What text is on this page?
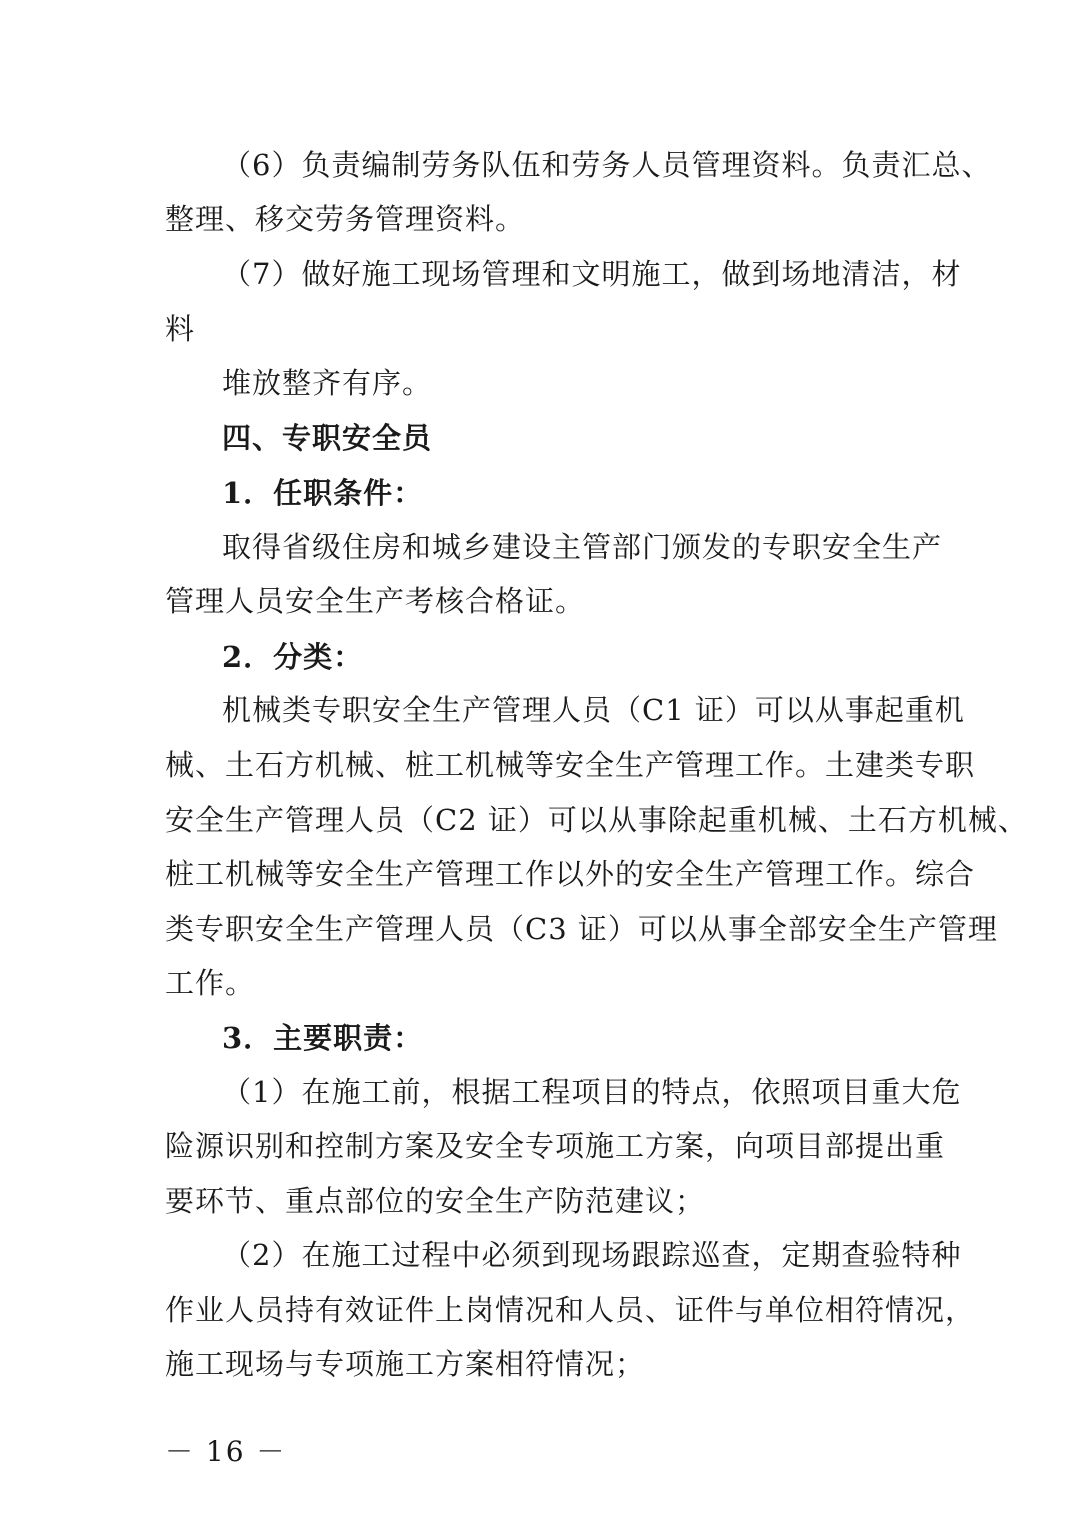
（6）负责编制劳务队伍和劳务人员管理资料。负责汇总、
整理、移交劳务管理资料。
（7）做好施工现场管理和文明施工，做到场地清洁，材
料
堆放整齐有序。
四、专职安全员
1．任职条件：
取得省级住房和城乡建设主管部门颁发的专职安全生产
管理人员安全生产考核合格证。
2．分类：
机械类专职安全生产管理人员（C1 证）可以从事起重机
械、土石方机械、桩工机械等安全生产管理工作。土建类专职
安全生产管理人员（C2 证）可以从事除起重机械、土石方机械、
桩工机械等安全生产管理工作以外的安全生产管理工作。综合
类专职安全生产管理人员（C3 证）可以从事全部安全生产管理
工作。
3．主要职责：
（1）在施工前，根据工程项目的特点，依照项目重大危
险源识别和控制方案及安全专项施工方案，向项目部提出重
要环节、重点部位的安全生产防范建议；
（2）在施工过程中必须到现场跟踪巡查，定期查验特种
作业人员持有效证件上岗情况和人员、证件与单位相符情况，
施工现场与专项施工方案相符情况；
－ 16 －
